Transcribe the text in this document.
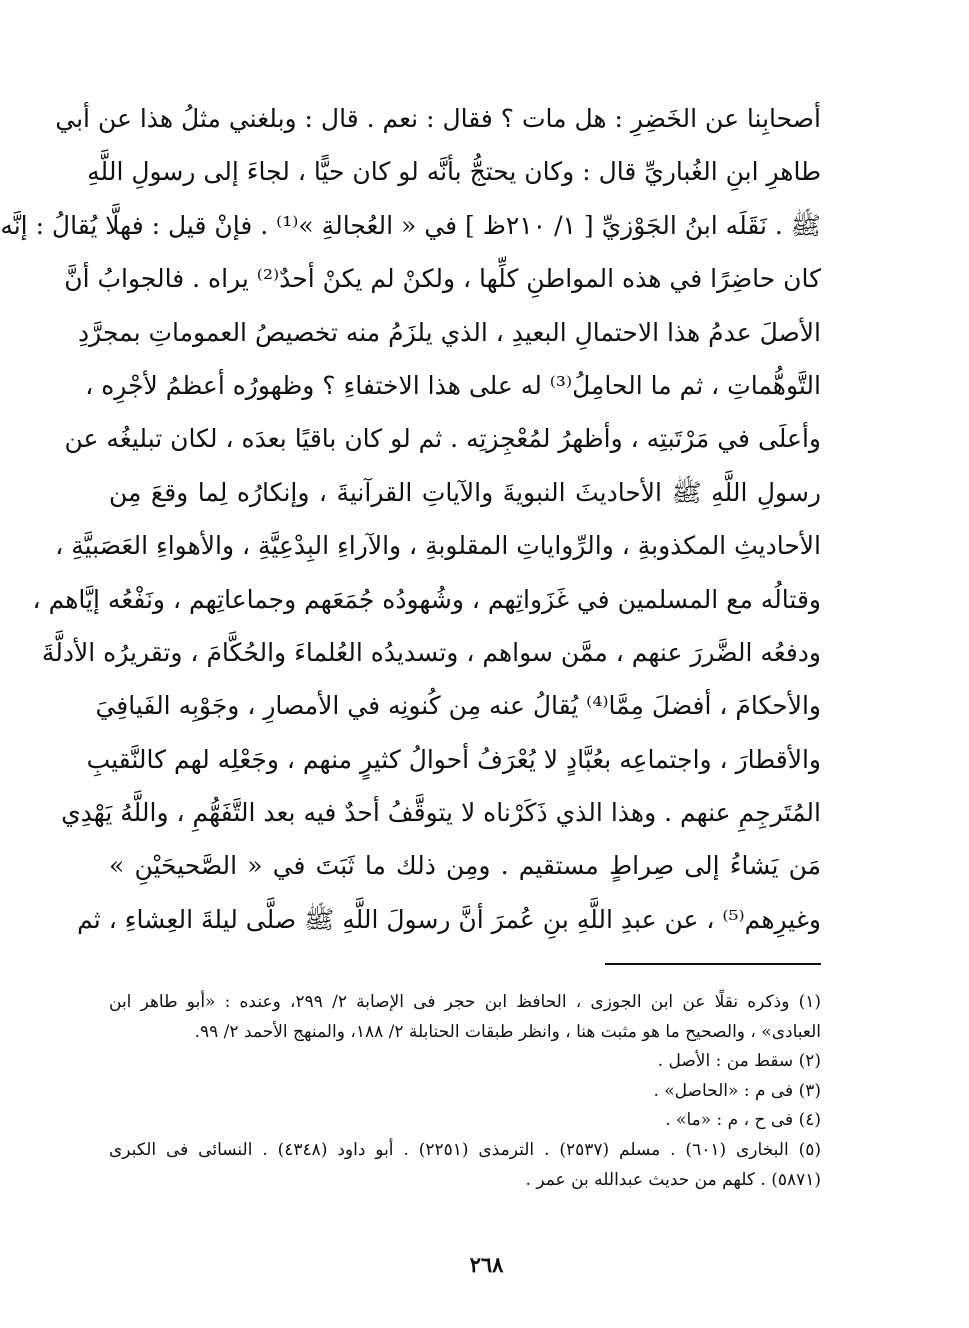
أصحابِنا عن الخَضِرِ : هل مات ؟ فقال : نعم . قال : وبلغني مثلُ هذا عن أبي
طاهرِ ابنِ الغُباريِّ قال : وكان يحتجُّ بأنَّه لو كان حيًّا ، لجاءَ إلى رسولِ اللَّهِ
ﷺ . نَقَلَه ابنُ الجَوْزيِّ [ ١/ ٢١٠ظ ] في « العُجالةِ »⁽¹⁾ . فإنْ قيل : فهلَّا يُقالُ : إنَّه
كان حاضِرًا في هذه المواطنِ كلِّها ، ولكنْ لم يكنْ أحدٌ⁽²⁾ يراه . فالجوابُ أنَّ
الأصلَ عدمُ هذا الاحتمالِ البعيدِ ، الذي يلزَمُ منه تخصيصُ العموماتِ بمجرَّدِ
التَّوهُّماتِ ، ثم ما الحامِلُ⁽³⁾ له على هذا الاختفاءِ ؟ وظهورُه أعظمُ لأجْرِه ،
وأعلَى في مَرْتَبتِه ، وأظهرُ لمُعْجِزتِه . ثم لو كان باقيًا بعدَه ، لكان تبليغُه عن
رسولِ اللَّهِ ﷺ الأحاديثَ النبويةَ والآياتِ القرآنيةَ ، وإنكارُه لِما وقعَ مِن
الأحاديثِ المكذوبةِ ، والرِّواياتِ المقلوبةِ ، والآراءِ البِدْعِيَّةِ ، والأهواءِ العَصَبيَّةِ ،
وقتالُه مع المسلمين في غَزَواتِهم ، وشُهودُه جُمَعَهم وجماعاتِهم ، ونَفْعُه إيَّاهم ،
ودفعُه الضَّررَ عنهم ، ممَّن سواهم ، وتسديدُه العُلماءَ والحُكَّامَ ، وتقريرُه الأدلَّةَ
والأحكامَ ، أفضلَ مِمَّا⁽⁴⁾ يُقالُ عنه مِن كُنونِه في الأمصارِ ، وجَوْبِه الفَيافِيَ
والأقطارَ ، واجتماعِه بعُبَّادٍ لا يُعْرَفُ أحوالُ كثيرٍ منهم ، وجَعْلِه لهم كالنَّقيبِ
المُتَرجِمِ عنهم . وهذا الذي ذَكَرْناه لا يتوقَّفُ أحدٌ فيه بعد التَّفَهُّمِ ، واللَّهُ يَهْدِي
مَن يَشاءُ إلى صِراطٍ مستقيم . ومِن ذلك ما ثَبَتَ في « الصَّحيحَيْنِ »
وغيرِهم⁽⁵⁾ ، عن عبدِ اللَّهِ بنِ عُمرَ أنَّ رسولَ اللَّهِ ﷺ صلَّى ليلةَ العِشاءِ ، ثم
(١) وذكره نقلًا عن ابن الجوزى ، الحافظ ابن حجر فى الإصابة ٢/ ٢٩٩، وعنده : «أبو طاهر ابن
العبادى» ، والصحيح ما هو مثبت هنا ، وانظر طبقات الحنابلة ٢/ ١٨٨، والمنهج الأحمد ٢/ ٩٩.
(٢) سقط من : الأصل .
(٣) فى م : «الحاصل» .
(٤) فى ح ، م : «ما» .
(٥) البخارى (٦٠١) . مسلم (٢٥٣٧) . الترمذى (٢٢٥١) . أبو داود (٤٣٤٨) . النسائى فى الكبرى
(٥٨٧١) . كلهم من حديث عبدالله بن عمر .
٢٦٨
